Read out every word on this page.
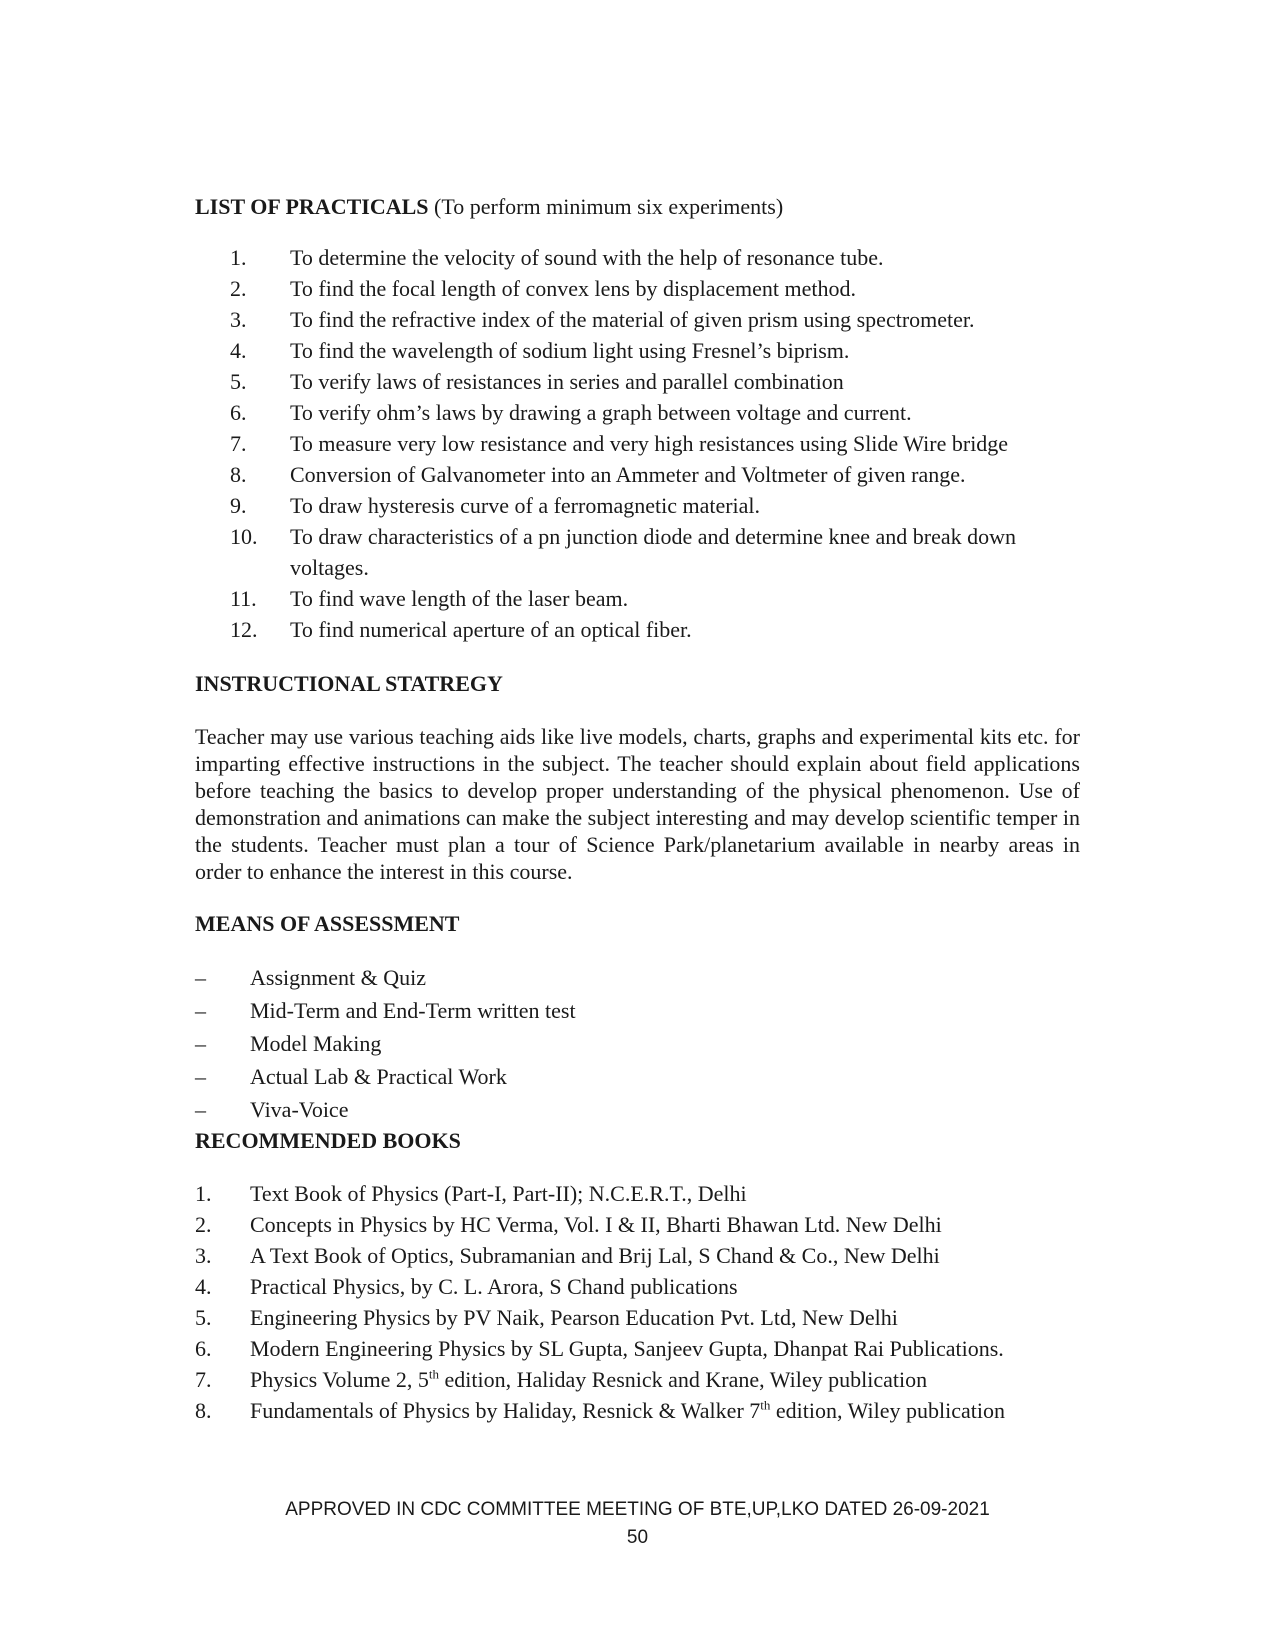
LIST OF PRACTICALS (To perform minimum six experiments)

1.	To determine the velocity of sound with the help of resonance tube.
2.	To find the focal length of convex lens by displacement method.
3.	To find the refractive index of the material of given prism using spectrometer.
4.	To find the wavelength of sodium light using Fresnel’s biprism.
5.	To verify laws of resistances in series and parallel combination
6.	To verify ohm’s laws by drawing a graph between voltage and current.
7.	To measure very low resistance and very high resistances using Slide Wire bridge
8.	Conversion of Galvanometer into an Ammeter and Voltmeter of given range.
9.	To draw hysteresis curve of a ferromagnetic material.
10.	To draw characteristics of a pn junction diode and determine knee and break down voltages.
11.	To find wave length of the laser beam.
12.	To find numerical aperture of an optical fiber.

INSTRUCTIONAL STATREGY

Teacher may use various teaching aids like live models, charts, graphs and experimental kits etc. for imparting effective instructions in the subject. The teacher should explain about field applications before teaching the basics to develop proper understanding of the physical phenomenon. Use of demonstration and animations can make the subject interesting and may develop scientific temper in the students. Teacher must plan a tour of Science Park/planetarium available in nearby areas in order to enhance the interest in this course.

MEANS OF ASSESSMENT

–	Assignment & Quiz
–	Mid-Term and End-Term written test
–	Model Making
–	Actual Lab & Practical Work
–	Viva-Voice

RECOMMENDED BOOKS

1.	Text Book of Physics (Part-I, Part-II); N.C.E.R.T., Delhi
2.	Concepts in Physics by HC Verma, Vol. I & II, Bharti Bhawan Ltd. New Delhi
3.	A Text Book of Optics, Subramanian and Brij Lal, S Chand & Co., New Delhi
4.	Practical Physics, by C. L. Arora, S Chand publications
5.	Engineering Physics by PV Naik, Pearson Education Pvt. Ltd, New Delhi
6.	Modern Engineering Physics by SL Gupta, Sanjeev Gupta, Dhanpat Rai Publications.
7.	Physics Volume 2, 5th edition, Haliday Resnick and Krane, Wiley publication
8.	Fundamentals of Physics by Haliday, Resnick & Walker 7th edition, Wiley publication
APPROVED IN CDC COMMITTEE MEETING OF BTE,UP,LKO DATED 26-09-2021
50
